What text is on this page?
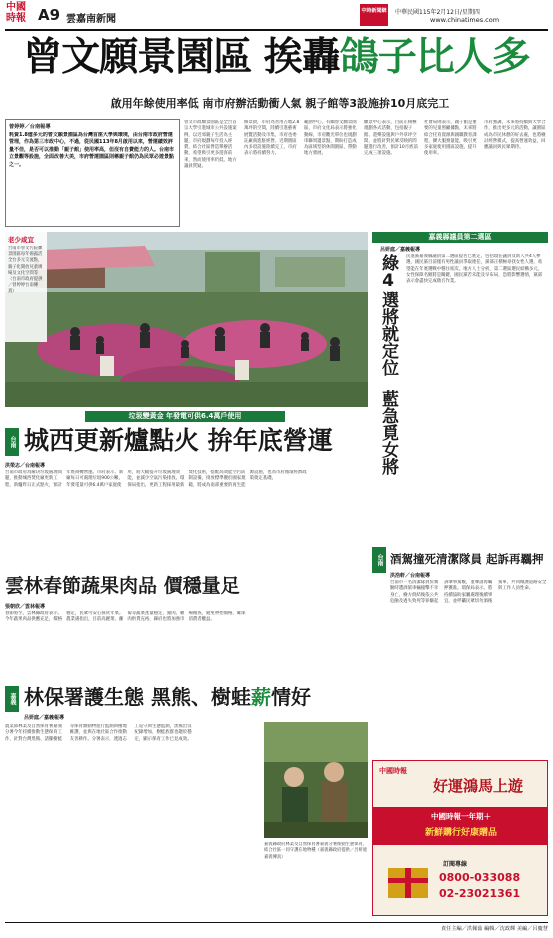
中國
時報 A9 雲嘉南新聞
中時新聞網 中華民國115年2月12日/星期四
www.chinatimes.com
曾文願景園區 挨轟鴿子比人多
啟用年餘使用率低 南市府辦活動衝人氣 親子館等3設施拚10月底完工
曾婷婷／台南報導
耗資1.8億多元的曾文願景園區為台灣首座大學與環境，由台南市政府營運管理，作為第三市政中心，不過，從民國113年8月啟用以來，營運績效評量不佳，是否可以推動「親子館」使用率高，但沒有自費能力的人。台南市立景觀等設施，全面改善大美，市府營運園區則稱親子館仍為民眾必遊景點之一。
曾文市政願景園區是全台首宗大學引進城市公共設施案例，以近郊親子生活為主題，市府規劃每年投入經費，結合社區營造舉辦活動，希望吸引更多遊客前來，然而使用率仍低，地方議員質疑。
修景費，市府為善用占地2.8萬坪的空間，陸續引進藝術展覽活動及市集，市府也委託廠商進駐經營。近期園區內多項設施陸續完工，市府表示將持續努力。
範圍中心，有關曾文願景園區，市府文化局表示將強化動線，市府觀光單位也規劃串聯周邊景點，期盼打造成為區域型的休閒園區，帶動地方發展。
願景中心表示，目前正積極規劃各式活動，包括親子館、遊樂設施與戶外草坪空間，並將針對民眾反映的問題進行改善，預計10月底前完成三項設施。
社會局則表示，親子館是重要的兒童照顧據點，未來將結合托育資源與親職教育課程，擴大服務量能，吸引更多家庭使用園區設施，提升使用率。
市府強調，未來將持續與大學合作，推出更多元的活動，讓園區成為市民休憩的好去處，也將檢討經營模式，提高營運效益，回應議員與民眾期待。
老少咸宜
台南市曾文污院願景園區每年揚露活全台多元交流點，親子化開放兒童廣場及文化空間等（台南市政府提供／曾婷婷台南傳真）
嘉義縣議員第二選區
呂妍庭／嘉義報導
綠4選將就定位
藍急覓女將
民進黨嘉義縣議員第二選區提名已底定，包括現任議員及新人共4人參選，國民黨目前僅有男性議員爭取連任，黨部正積極尋找女性人選，希望能在年底選戰中穩住席次。地方人士分析，第二選區選民結構多元，女性保障名額將是關鍵，國民黨若未能及早布局，恐將影響選情，黨部表示會盡快完成徵召作業。
垃圾變黃金 年發電可供6.4萬戶使用
台南 城西更新爐點火 拚年底營運
洪榮志／台南報導
台南市政府為解決垃圾處理問題，推動城西焚化廠更新工程，新爐昨日正式點火，預計年底商轉營運。市府表示，新廠每日可處理垃圾900公噸，年發電量可供6.4萬戶家庭使用，將大幅提升垃圾處理效能，並減少空氣污染排放。環保局指出，更新工程採用最新焚化技術，搭配高效能空污防制設備，排放標準優於國家規範，將成為南部重要的再生能源設施，也為市府循環經濟政策奠定基礎。
雲林春節蔬果肉品 價穩量足
張朝欣／雲林報導
春節將至，雲林縣政府表示，今年蔬果肉品供應充足，價格穩定，民眾可安心採買年菜。農業處指出，目前高麗菜、蘿蔔等蔬菜產量穩定，豬肉、雞肉供貨充裕，縣府也將加強市場稽查，避免哄抬價格，確保消費者權益。
台南 酒駕撞死清潔隊員 起訴再羈押
洪浩軒／台南報導
台南市一名清潔隊員於執勤時遭酒駕車輛撞擊不幸身亡，檢方偵結後依公共危險及過失致死等罪嫌起訴肇事駕駛，並聲請再羈押獲准。環保局表示，將持續協助家屬處理後續事宜，並呼籲民眾切勿酒後駕車，共同維護道路安全與工作人員性命。
嘉義 林保署護生態 黑熊、樹蛙薪情好
呂妍庭／嘉義報導
農業部林業及自然保育署嘉義分署今年持續推動生態保育工作，針對台灣黑熊、諸羅樹蛙等保育類動物進行監測與棲地維護，並與在地社區合作推動友善耕作。分署表示，透過志工巡守與生態監測，黑熊出沒紀錄增加，樹蛙族群也趨於穩定，顯示保育工作已見成效。
嘉義縣政府林業及自然保育署嘉義分署推動生態保育，結合社區一同守護在地物種（嘉義縣政府提供／呂妍庭嘉義傳真）
中國時報
好運鴻馬上遊
中國時報一年期＋
新鮮購行好康贈品
訂閱專線
0800-033088
02-23021361
責任主編／洪佩茹 編輯／沈政輝 美編／呂慶慧
